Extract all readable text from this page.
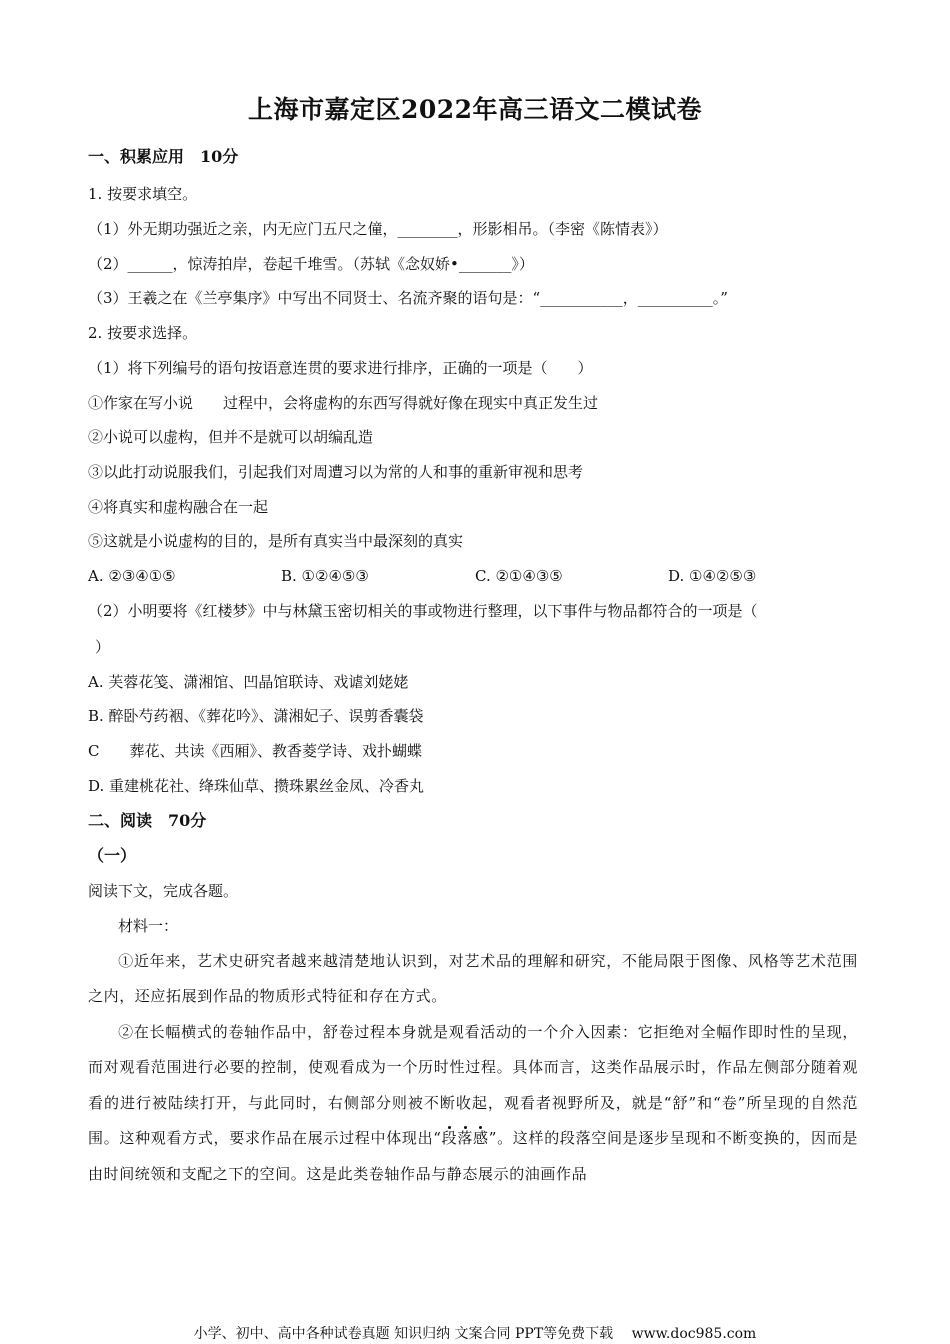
上海市嘉定区2022年高三语文二模试卷
一、积累应用　10分
1. 按要求填空。
（1）外无期功强近之亲，内无应门五尺之僮，________，形影相吊。（李密《陈情表》）
（2）______，惊涛拍岸，卷起千堆雪。（苏轼《念奴娇•_______》）
（3）王羲之在《兰亭集序》中写出不同贤士、名流齐聚的语句是：“___________，__________。”
2. 按要求选择。
（1）将下列编号的语句按语意连贯的要求进行排序，正确的一项是（　　）
①作家在写小说　　过程中，会将虚构的东西写得就好像在现实中真正发生过
②小说可以虚构，但并不是就可以胡编乱造
③以此打动说服我们，引起我们对周遭习以为常的人和事的重新审视和思考
④将真实和虚构融合在一起
⑤这就是小说虚构的目的，是所有真实当中最深刻的真实
A. ②③④①⑤	B. ①②④⑤③	C. ②①④③⑤	D. ①④②⑤③
（2）小明要将《红楼梦》中与林黛玉密切相关的事或物进行整理，以下事件与物品都符合的一项是（
）
A. 芙蓉花笺、潇湘馆、凹晶馆联诗、戏谑刘姥姥
B. 醉卧芍药裀、《葬花吟》、潇湘妃子、误剪香囊袋
C　　葬花、共读《西厢》、教香菱学诗、戏扑蝴蝶
D. 重建桃花社、绛珠仙草、攒珠累丝金凤、冷香丸
二、阅读　70分
（一）
阅读下文，完成各题。
材料一：
①近年来，艺术史研究者越来越清楚地认识到，对艺术品的理解和研究，不能局限于图像、风格等艺术范围之内，还应拓展到作品的物质形式特征和存在方式。
②在长幅横式的卷轴作品中，舒卷过程本身就是观看活动的一个介入因素：它拒绝对全幅作即时性的呈现，而对观看范围进行必要的控制，使观看成为一个历时性过程。具体而言，这类作品展示时，作品左侧部分随着观看的进行被陆续打开，与此同时，右侧部分则被不断收起，观看者视野所及，就是“舒”和“卷”所呈现的自然范围。这种观看方式，要求作品在展示过程中体现出“段落感”。这样的段落空间是逐步呈现和不断变换的，因而是由时间统领和支配之下的空间。这是此类卷轴作品与静态展示的油画作品
小学、初中、高中各种试卷真题 知识归纳 文案合同 PPT等免费下载　 www.doc985.com
